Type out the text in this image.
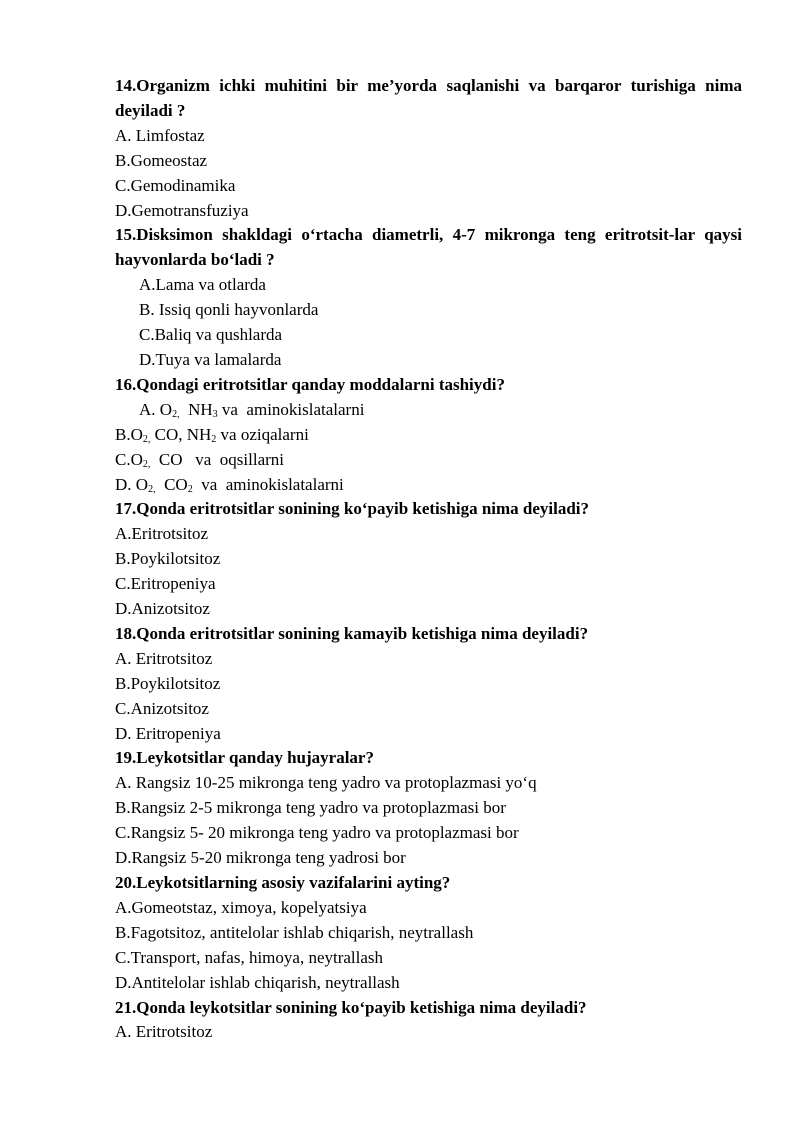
14.Organizm ichki muhitini bir me’yorda saqlanishi va barqaror turishiga nima deyiladi ?
A. Limfostaz
B.Gomeostaz
C.Gemodinamika
D.Gemotransfuziya
15.Disksimon shakldagi o‘rtacha diametrli, 4-7 mikronga teng eritrotsit-lar qaysi hayvonlarda bo‘ladi ?
A.Lama va otlarda
B. Issiq qonli hayvonlarda
C.Baliq va qushlarda
D.Tuya va lamalarda
16.Qondagi eritrotsitlar qanday moddalarni tashiydi?
A. $O_{2,}$  $NH_3$ va  aminokislatalarni
$B.O_{2,}$ CO, $NH_2$ va oziqalarni
$C.O_{2,}$  CO   va  oqsillarni
D. $O_{2,}$  $CO_2$  va  aminokislatalarni
17.Qonda eritrotsitlar sonining ko‘payib ketishiga nima deyiladi?
A.Eritrotsitoz
B.Poykilotsitoz
C.Eritropeniya
D.Anizotsitoz
18.Qonda eritrotsitlar sonining kamayib ketishiga nima deyiladi?
A. Eritrotsitoz
B.Poykilotsitoz
C.Anizotsitoz
D. Eritropeniya
19.Leykotsitlar qanday hujayralar?
A. Rangsiz 10-25 mikronga teng yadro va protoplazmasi yo‘q
B.Rangsiz 2-5 mikronga teng yadro va protoplazmasi bor
C.Rangsiz 5- 20 mikronga teng yadro va protoplazmasi bor
D.Rangsiz 5-20 mikronga teng yadrosi bor
20.Leykotsitlarning asosiy vazifalarini ayting?
A.Gomeotstaz, ximoya, kopelyatsiya
B.Fagotsitoz, antitelolar ishlab chiqarish, neytrallash
C.Transport, nafas, himoya, neytrallash
D.Antitelolar ishlab chiqarish, neytrallash
21.Qonda leykotsitlar sonining ko‘payib ketishiga nima deyiladi?
A. Eritrotsitoz
